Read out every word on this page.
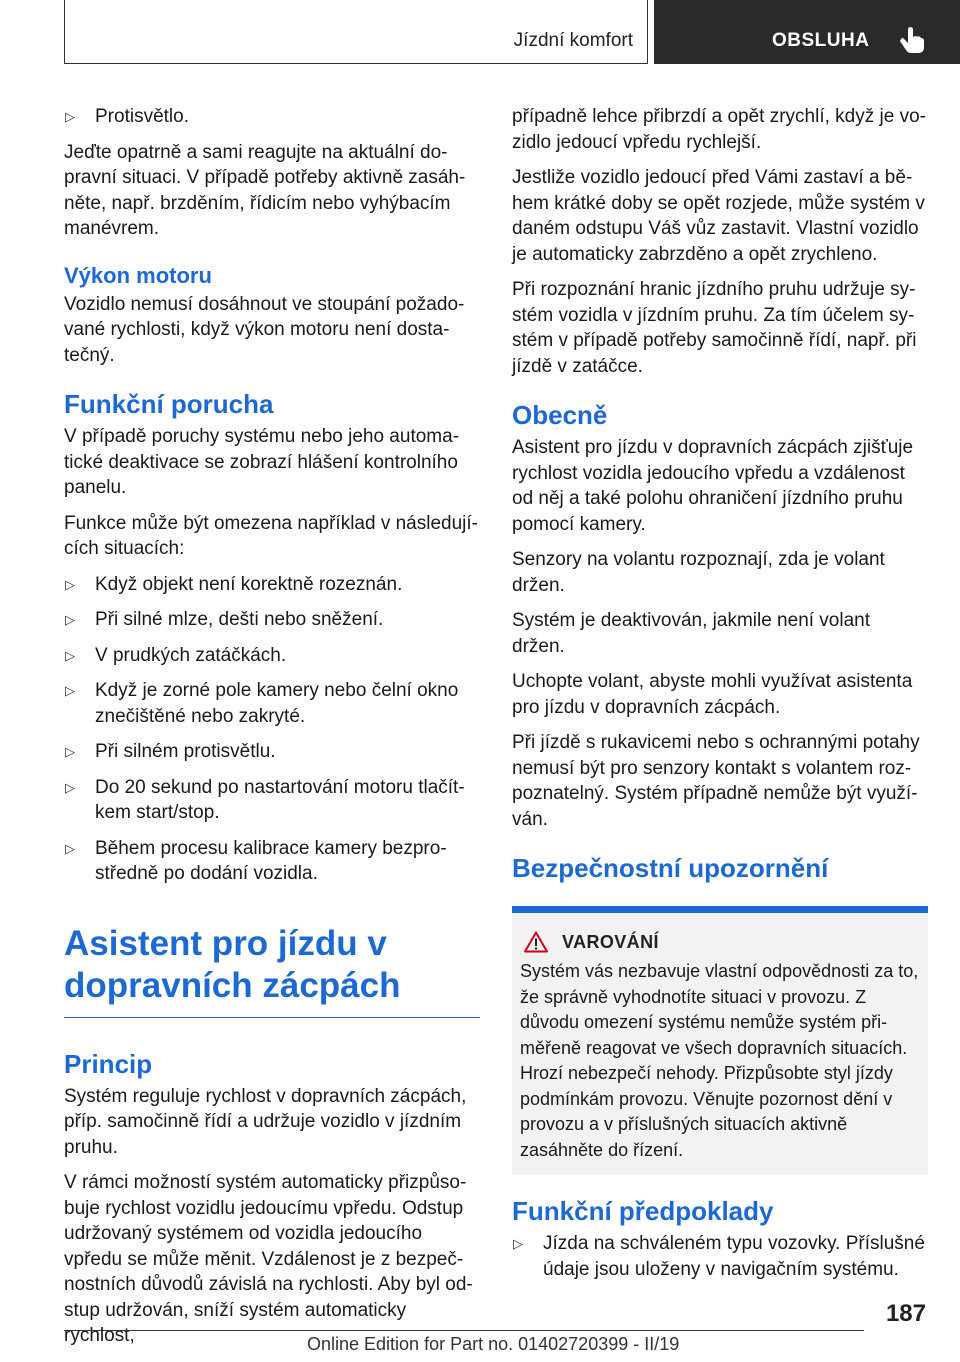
Jízdní komfort	OBSLUHA
▷ Protisvětlo.

Jeďte opatrně a sami reagujte na aktuální dopravní situaci. V případě potřeby aktivně zasáhněte, např. brzděním, řídicím nebo vyhýbacím manévrem.

Výkon motoru

Vozidlo nemusí dosáhnout ve stoupání požadované rychlosti, když výkon motoru není dostatečný.

Funkční porucha

V případě poruchy systému nebo jeho automatické deaktivace se zobrazí hlášení kontrolního panelu.

Funkce může být omezena například v následujících situacích:

▷ Když objekt není korektně rozeznán.
▷ Při silné mlze, dešti nebo sněžení.
▷ V prudkých zatáčkách.
▷ Když je zorné pole kamery nebo čelní okno znečištěné nebo zakryté.
▷ Při silném protisvětlu.
▷ Do 20 sekund po nastartování motoru tlačítkem start/stop.
▷ Během procesu kalibrace kamery bezprostředně po dodání vozidla.
Asistent pro jízdu v dopravních zácpách
Princip

Systém reguluje rychlost v dopravních zácpách, příp. samočinně řídí a udržuje vozidlo v jízdním pruhu.

V rámci možností systém automaticky přizpůsobuje rychlost vozidlu jedoucímu vpředu. Odstup udržovaný systémem od vozidla jedoucího vpředu se může měnit. Vzdálenost je z bezpečnostních důvodů závislá na rychlosti. Aby byl odstup udržován, sníží systém automaticky rychlost,

případně lehce přibrzdí a opět zrychlí, když je vozidlo jedoucí vpředu rychlejší.

Jestliže vozidlo jedoucí před Vámi zastaví a během krátké doby se opět rozjede, může systém v daném odstupu Váš vůz zastavit. Vlastní vozidlo je automaticky zabrzděno a opět zrychleno.

Při rozpoznání hranic jízdního pruhu udržuje systém vozidla v jízdním pruhu. Za tím účelem systém v případě potřeby samočinně řídí, např. při jízdě v zatáčce.

Obecně

Asistent pro jízdu v dopravních zácpách zjišťuje rychlost vozidla jedoucího vpředu a vzdálenost od něj a také polohu ohraničení jízdního pruhu pomocí kamery.

Senzory na volantu rozpoznají, zda je volant držen.

Systém je deaktivován, jakmile není volant držen.

Uchopte volant, abyste mohli využívat asistenta pro jízdu v dopravních zácpách.

Při jízdě s rukavicemi nebo s ochrannými potahy nemusí být pro senzory kontakt s volantem rozpoznatelný. Systém případně nemůže být využíván.

Bezpečnostní upozornění
VAROVÁNÍ

Systém vás nezbavuje vlastní odpovědnosti za to, že správně vyhodnotíte situaci v provozu. Z důvodu omezení systému nemůže systém přiměřeně reagovat ve všech dopravních situacích. Hrozí nebezpečí nehody. Přizpůsobte styl jízdy podmínkám provozu. Věnujte pozornost dění v provozu a v příslušných situacích aktivně zasáhněte do řízení.

Funkční předpoklady
▷ Jízda na schváleném typu vozovky. Příslušné údaje jsou uloženy v navigačním systému.
187
Online Edition for Part no. 01402720399 - II/19
